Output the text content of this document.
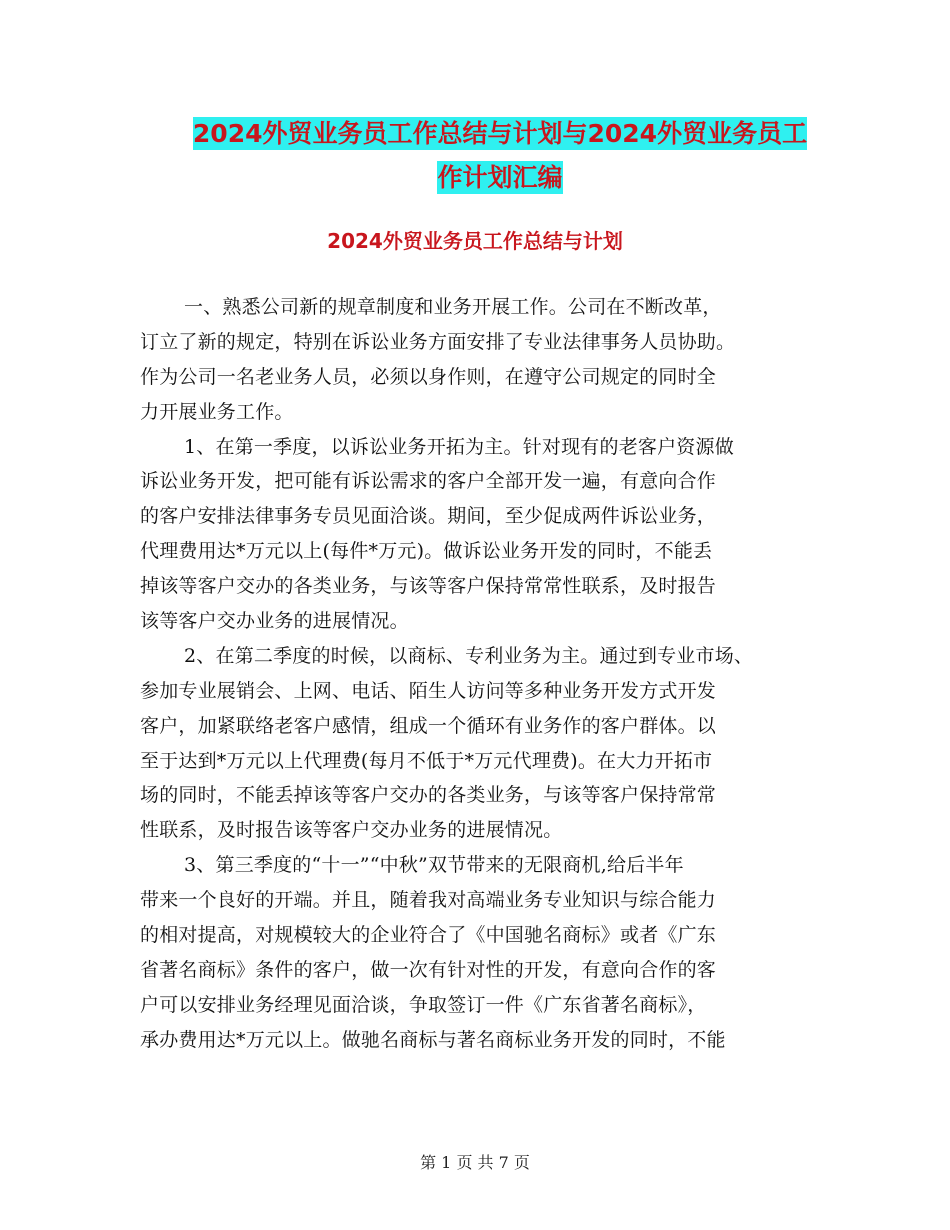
2024外贸业务员工作总结与计划与2024外贸业务员工
作计划汇编
2024外贸业务员工作总结与计划
一、熟悉公司新的规章制度和业务开展工作。公司在不断改革，
订立了新的规定，特别在诉讼业务方面安排了专业法律事务人员协助。
作为公司一名老业务人员，必须以身作则，在遵守公司规定的同时全
力开展业务工作。
1、在第一季度，以诉讼业务开拓为主。针对现有的老客户资源做
诉讼业务开发，把可能有诉讼需求的客户全部开发一遍，有意向合作
的客户安排法律事务专员见面洽谈。期间，至少促成两件诉讼业务，
代理费用达*万元以上(每件*万元)。做诉讼业务开发的同时，不能丢
掉该等客户交办的各类业务，与该等客户保持常常性联系，及时报告
该等客户交办业务的进展情况。
2、在第二季度的时候，以商标、专利业务为主。通过到专业市场、
参加专业展销会、上网、电话、陌生人访问等多种业务开发方式开发
客户，加紧联络老客户感情，组成一个循环有业务作的客户群体。以
至于达到*万元以上代理费(每月不低于*万元代理费)。在大力开拓市
场的同时，不能丢掉该等客户交办的各类业务，与该等客户保持常常
性联系，及时报告该等客户交办业务的进展情况。
3、第三季度的“十一”“中秋”双节带来的无限商机,给后半年
带来一个良好的开端。并且，随着我对高端业务专业知识与综合能力
的相对提高，对规模较大的企业符合了《中国驰名商标》或者《广东
省著名商标》条件的客户，做一次有针对性的开发，有意向合作的客
户可以安排业务经理见面洽谈，争取签订一件《广东省著名商标》，
承办费用达*万元以上。做驰名商标与著名商标业务开发的同时，不能
第 1 页 共 7 页
